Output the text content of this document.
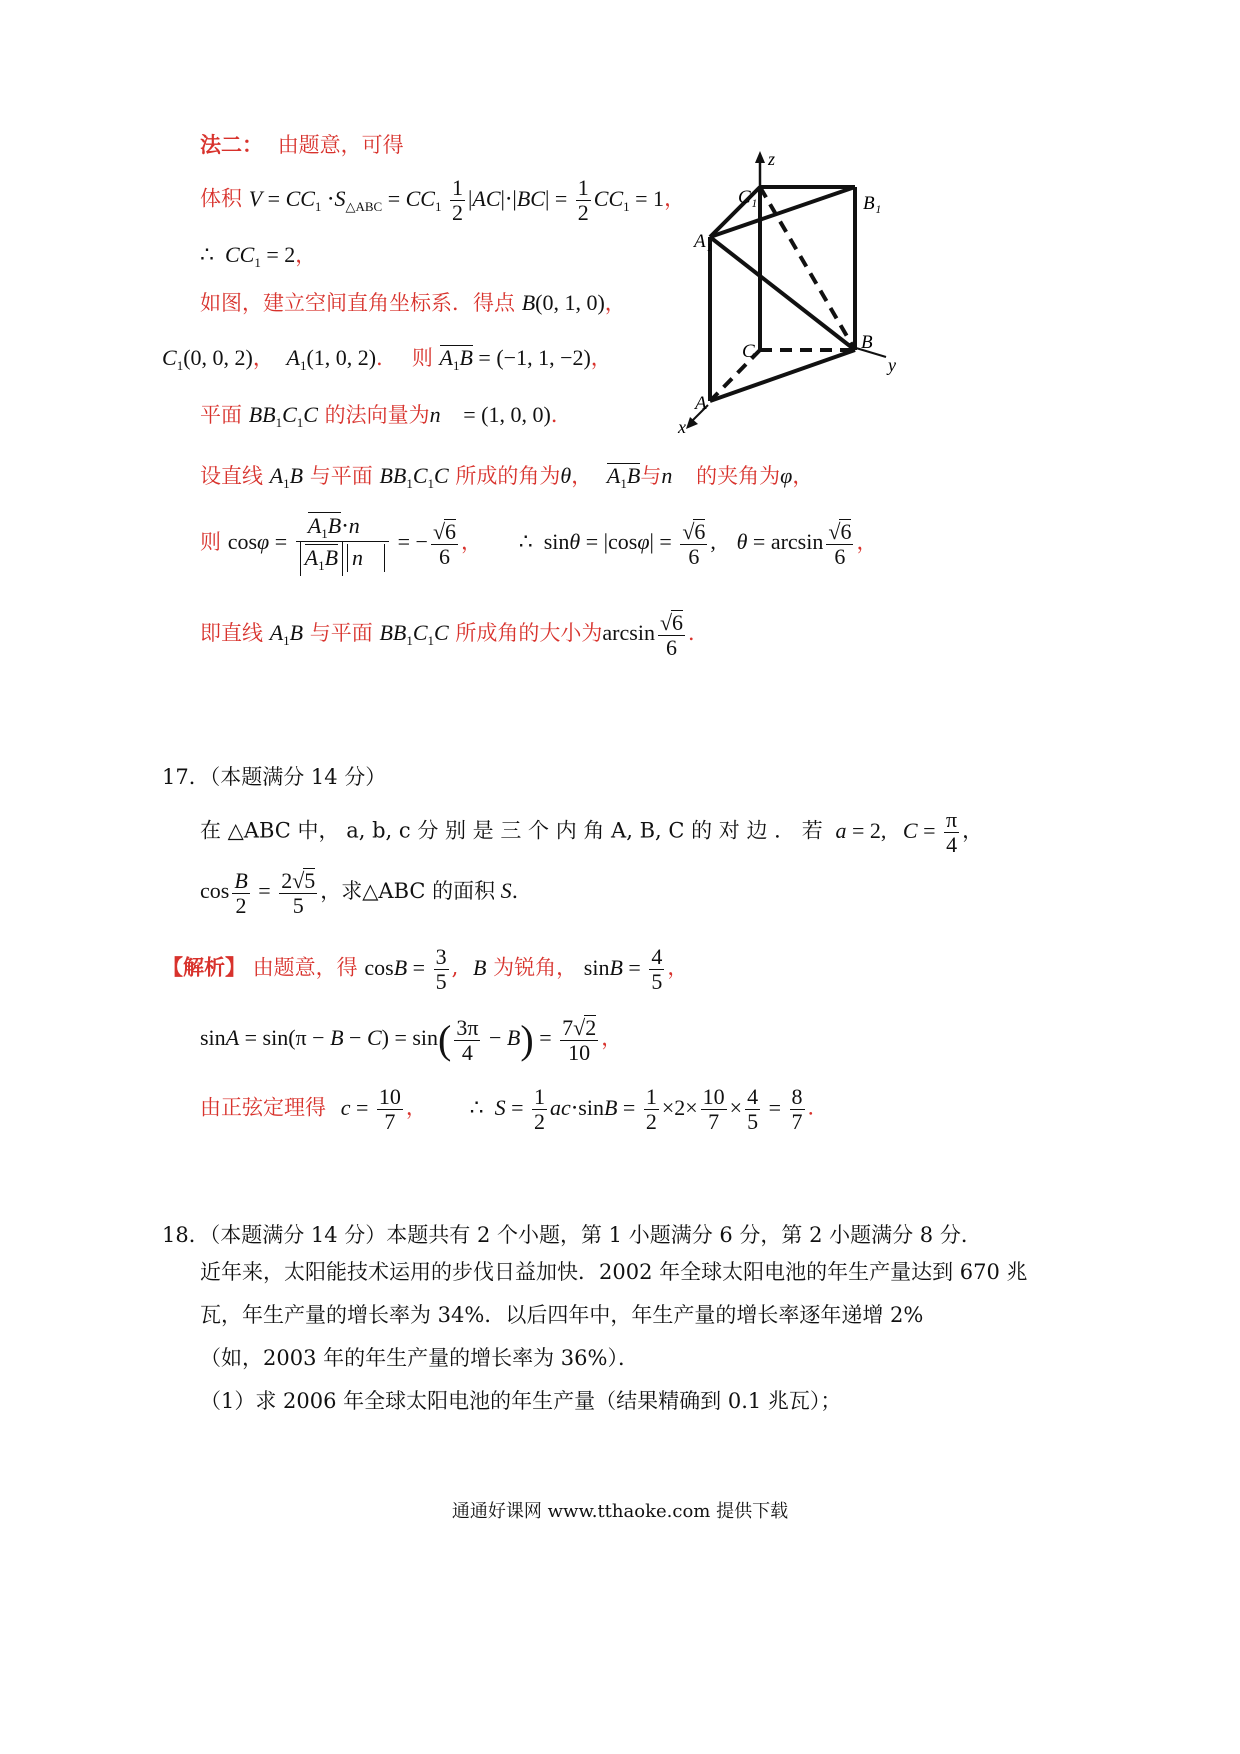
法二： 由题意，可得
体积 $V = CC_1 \cdot S_{\triangle ABC} = CC_1 \frac{1}{2} |AC|\cdot|BC| = \frac{1}{2} CC_1 = 1$，
∴  $CC_1 = 2$，
如图，建立空间直角坐标系．得点 B(0, 1, 0)，
$C_1(0$, 0, 2)， $A_1(1$, 0, 2)． 则 $A_1B = (-1$, 1, −2)，
平面 $BB_1C_1C$ 的法向量为n⃗ = (1, 0, 0)．
设直线 $A_1B$ 与平面 $BB_1C_1C$ 所成的角为θ， $A_1B$与n⃗ 的夹角为φ，
则 $\cos\varphi = \frac{A_1B\cdot n⃗}{A_1B n⃗}$ = − $\frac{√6}{6}$ ， ∴  $\sin\theta = |\cos\varphi| = \frac{√6}{6}$ , $\theta = \arcsin \frac{√6}{6}$ ，
即直线 $A_1B$ 与平面 $BB_1C_1C$ 所成角的大小为$\arcsin \frac{√6}{6}$ ．
z
C₁	B₁
A₁
C	B
y
A
x
17．（本题满分 14 分）
在 △ABC 中， a, b, c 分 别 是 三 个 内 角 A, B, C 的 对 边 ． 若 a = 2,   $C = \frac{\pi}{4}$ ，
$\cos \frac{B}{2} = \frac{2√5}{5}$ ，求△ABC 的面积 S．
【解析】 由题意，得 $\cos B = \frac{3}{5}$ , B 为锐角， $\sin B = \frac{4}{5}$ ，
$\sin A = \sin(\pi - B - C) = \sin( \frac{3\pi}{4} - B) = \frac{7√2}{10}$ ，
由正弦定理得 $c = \frac{10}{7}$ ， ∴  $S = \frac{1}{2} ac\cdot\sin B = \frac{1}{2} \times 2\times \frac{10}{7} \times \frac{4}{5} = \frac{8}{7}$ ．
18．（本题满分 14 分）本题共有 2 个小题，第 1 小题满分 6 分，第 2 小题满分 8 分．
近年来，太阳能技术运用的步伐日益加快．2002 年全球太阳电池的年生产量达到 670 兆
瓦，年生产量的增长率为 34%．以后四年中，年生产量的增长率逐年递增 2%
（如，2003 年的年生产量的增长率为 36%）．
（1）求 2006 年全球太阳电池的年生产量（结果精确到 0.1 兆瓦）；
通通好课网 www.tthaoke.com 提供下载
